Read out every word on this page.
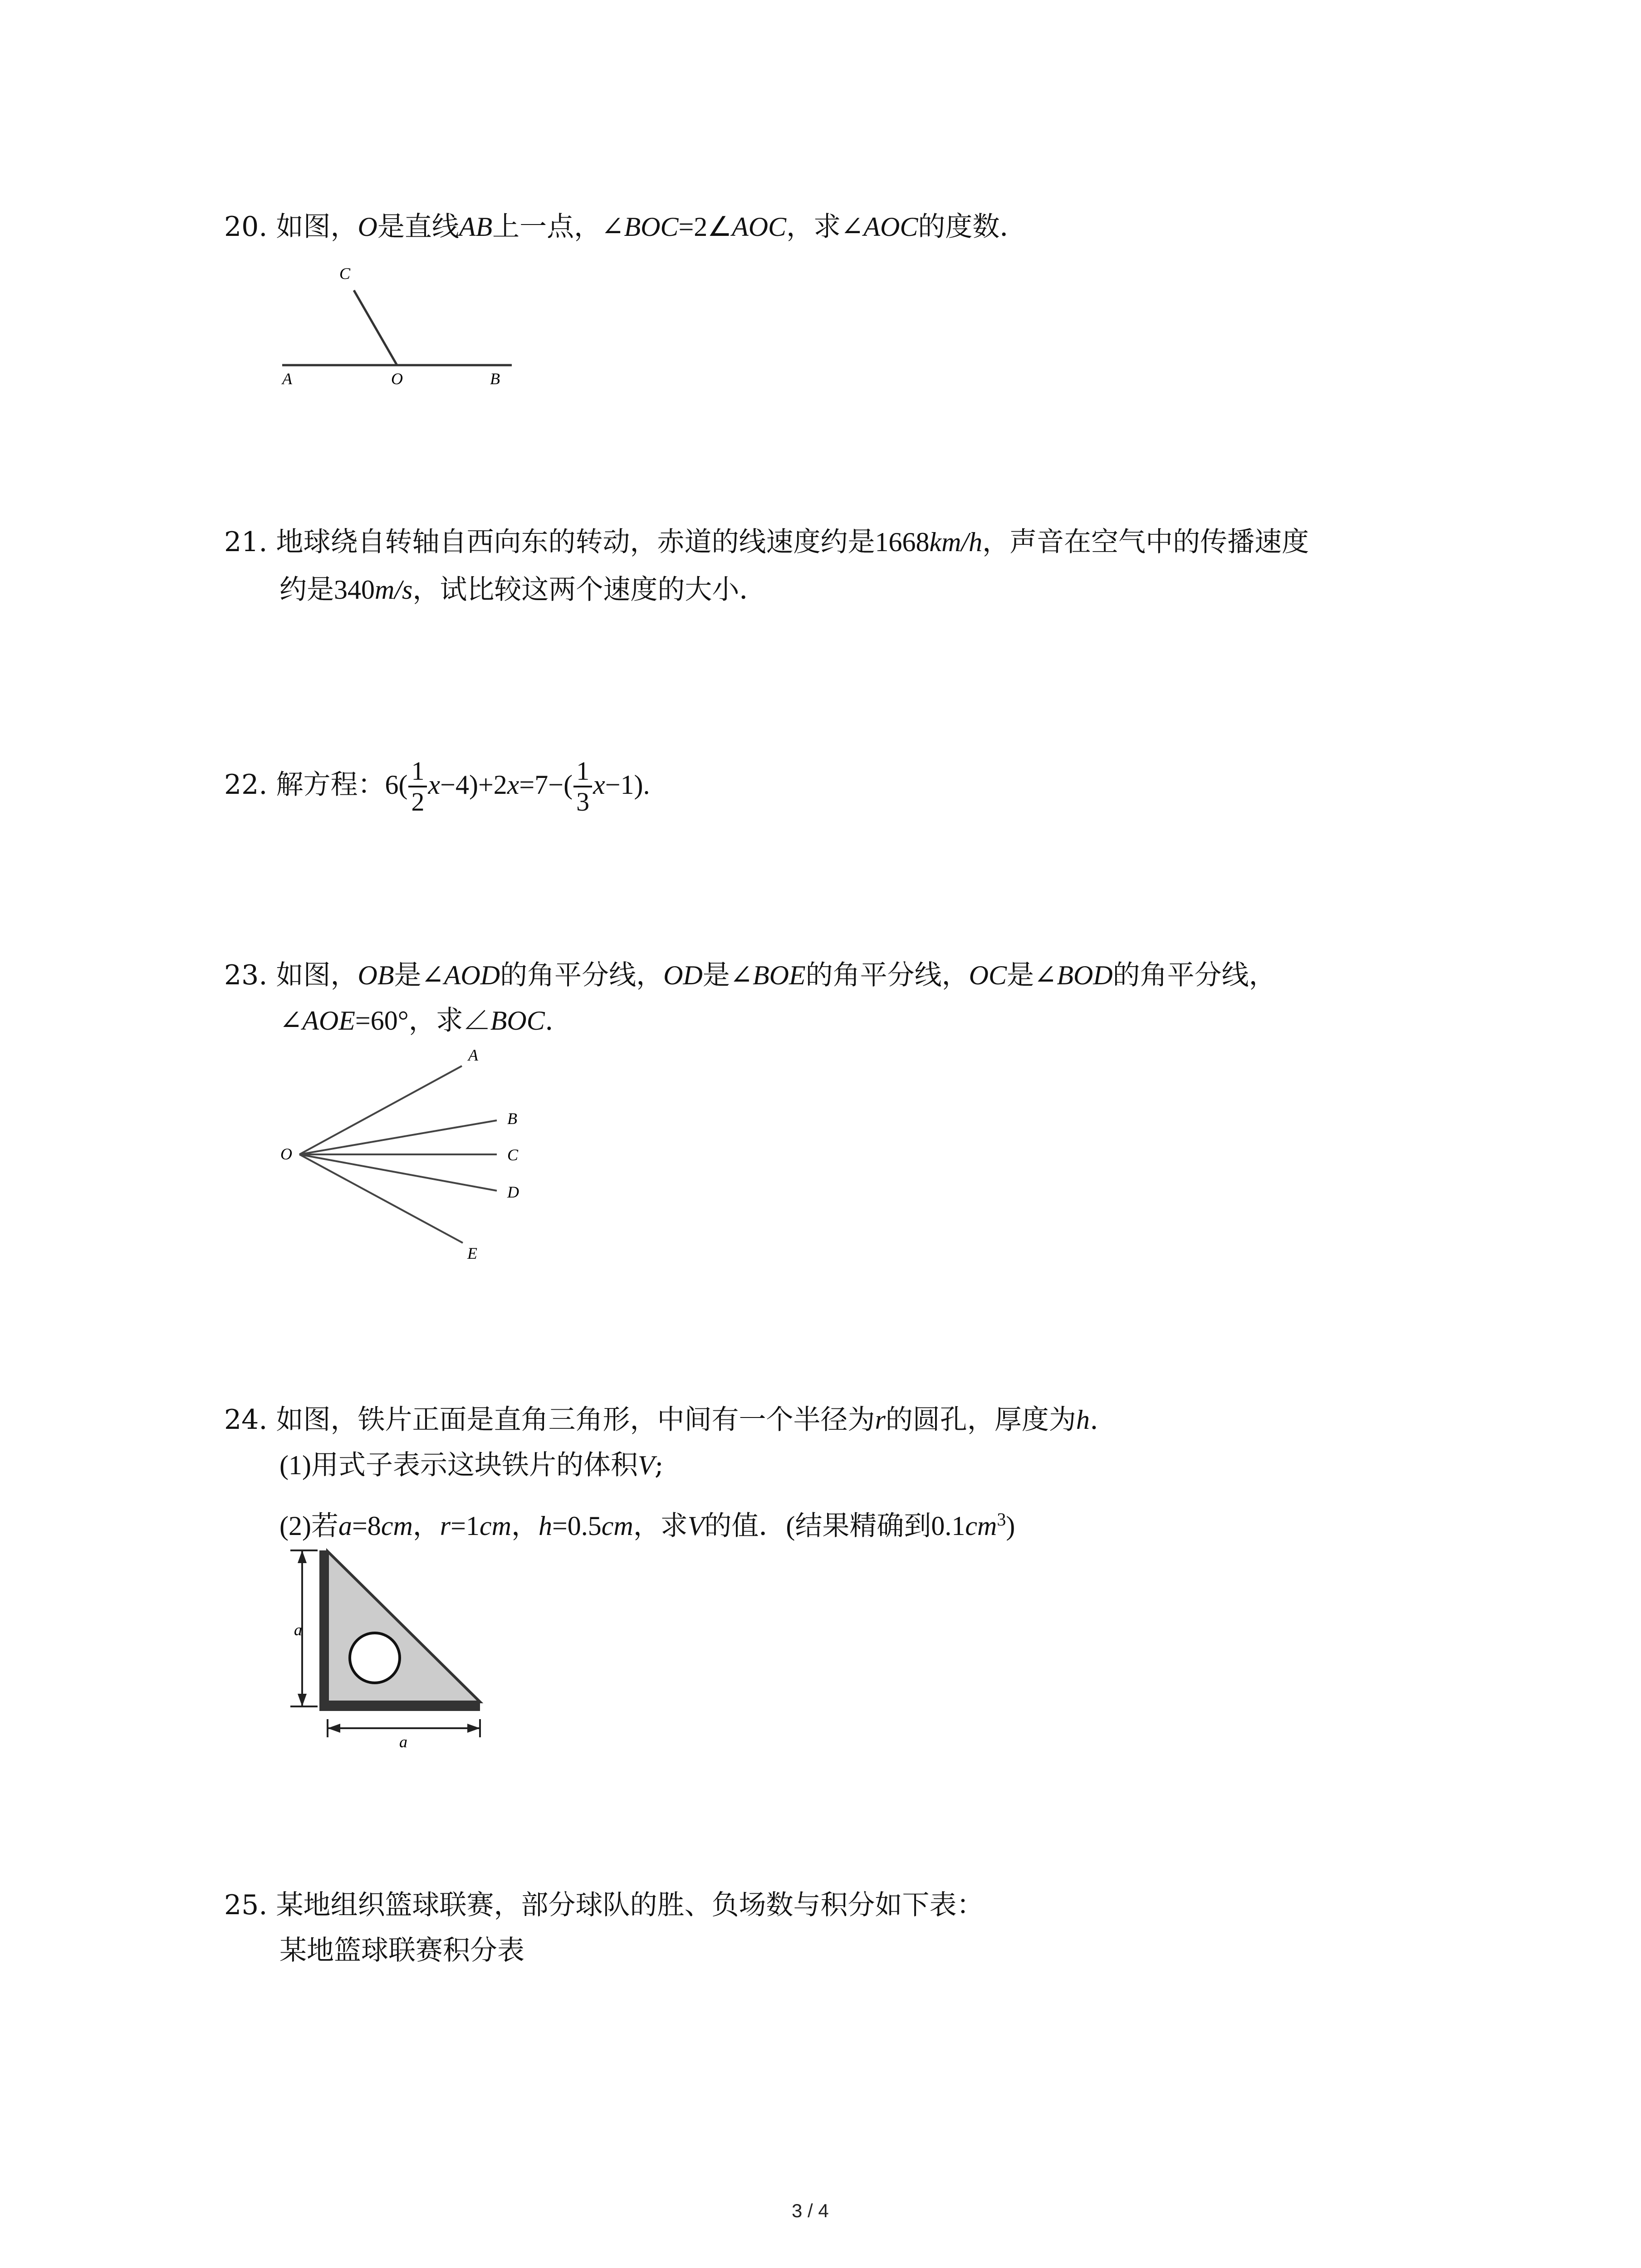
20. 如图，O是直线AB上一点，∠BOC=2∠AOC，求∠AOC的度数．
C
A	O	B
21. 地球绕自转轴自西向东的转动，赤道的线速度约是1668km/h，声音在空气中的传播速度
约是340m/s，试比较这两个速度的大小．
22. 解方程：$6( \frac{1}{2} x-4)+2x=7-( \frac{1}{3} x-1)$.
23. 如图，OB是∠AOD的角平分线，OD是∠BOE的角平分线，OC是∠BOD的角平分线，
∠AOE=60°，求∠BOC.
O
A
B
C
D
E
24. 如图，铁片正面是直角三角形，中间有一个半径为r的圆孔，厚度为h.
(1)用式子表示这块铁片的体积V;
(2)若a=8cm，r=1cm，h=0.5cm，求V的值．(结果精确到$0.1cm^3$)
a
a
25. 某地组织篮球联赛，部分球队的胜、负场数与积分如下表：
某地篮球联赛积分表
3 / 4
